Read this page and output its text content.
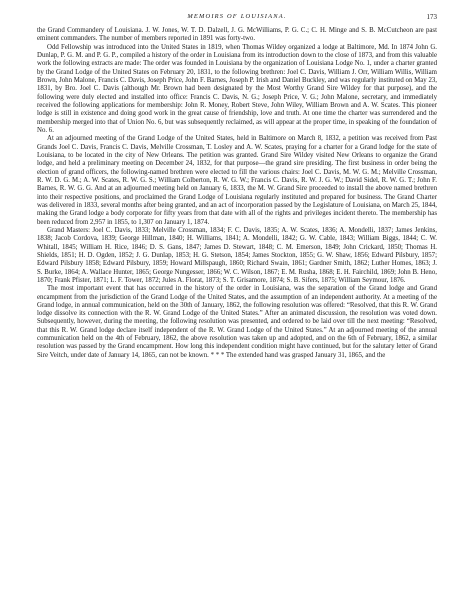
MEMOIRS OF LOUISIANA.	173

the Grand Commandery of Louisiana. J. W. Jones, W. T. D. Dalzell, J. G. McWilliams, P. G. C.; C. H. Minge and S. B. McCutcheon are past eminent commanders. The number of members reported in 1891 was forty-two.

Odd Fellowship was introduced into the United States in 1819, when Thomas Wildey organized a lodge at Baltimore, Md. In 1874 John G. Dunlap, P. G. M. and P. G. P., compiled a history of the order in Louisiana from its introduction down to the close of 1873, and from this valuable work the following extracts are made: The order was founded in Louisiana by the organization of Louisiana Lodge No. 1, under a charter granted by the Grand Lodge of the United States on February 20, 1831, to the following brethren: Joel C. Davis, William J. Orr, William Willis, William Brown, John Malone, Francis C. Davis, Joseph Price, John F. Barnes, Joseph P. Irish and Daniel Buckley, and was regularly instituted on May 23, 1831, by Bro. Joel C. Davis (although Mr. Brown had been designated by the Most Worthy Grand Sire Wildey for that purpose), and the following were duly elected and installed into office: Francis C. Davis, N. G.; Joseph Price, V. G.; John Malone, secretary, and immediately received the following applications for membership: John R. Money, Robert Steve, John Wiley, William Brown and A. W. Scates. This pioneer lodge is still in existence and doing good work in the great cause of friendship, love and truth. At one time the charter was surrendered and the membership merged into that of Union No. 6, but was subsequently reclaimed, as will appear at the proper time, in speaking of the foundation of No. 6.

At an adjourned meeting of the Grand Lodge of the United States, held in Baltimore on March 8, 1832, a petition was received from Past Grands Joel C. Davis, Francis C. Davis, Melville Crossman, T. Losley and A. W. Scates, praying for a charter for a Grand lodge for the state of Louisiana, to be located in the city of New Orleans. The petition was granted. Grand Sire Wildey visited New Orleans to organize the Grand lodge, and held a preliminary meeting on December 24, 1832, for that purpose—the grand sire presiding. The first business in order being the election of grand officers, the following-named brethren were elected to fill the various chairs: Joel C. Davis, M. W. G. M.; Melville Crossman, R. W. D. G. M.; A. W. Scates, R. W. G. S.; William Colberton, R. W. G. W.; Francis C. Davis, R. W. J. G. W.; David Sidel, R. W. G. T.; John F. Barnes, R. W. G. G. And at an adjourned meeting held on January 6, 1833, the M. W. Grand Sire proceeded to install the above named brethren into their respective positions, and proclaimed the Grand Lodge of Louisiana regularly instituted and prepared for business. The Grand Charter was delivered in 1833, several months after being granted, and an act of incorporation passed by the Legislature of Louisiana, on March 25, 1844, making the Grand lodge a body corporate for fifty years from that date with all of the rights and privileges incident thereto. The membership has been reduced from 2,957 in 1855, to 1,307 on January 1, 1874.

Grand Masters: Joel C. Davis, 1833; Melville Crossman, 1834; F. C. Davis, 1835; A. W. Scates, 1836; A. Mondelli, 1837; James Jenkins, 1838; Jacob Cordova, 1839; George Hillman, 1840; H. Williams, 1841; A. Mondelli, 1842; G. W. Cable, 1843; William Biggs, 1844; C. W. Whitall, 1845; William H. Rice, 1846; D. S. Gans, 1847; James D. Stewart, 1848; C. M. Emerson, 1849; John Crickard, 1850; Thomas H. Shields, 1851; H. D. Ogden, 1852; J. G. Dunlap, 1853; H. G. Stetson, 1854; James Stockton, 1855; G. W. Shaw, 1856; Edward Pilsbury, 1857; Edward Pilsbury 1858; Edward Pilsbury, 1859; Howard Millspaugh, 1860; Richard Swain, 1861; Gardner Smith, 1862; Luther Homes, 1863; J. S. Burke, 1864; A. Wallace Hunter, 1865; George Nungesser, 1866; W. C. Wilson, 1867; E. M. Rusha, 1868; E. H. Fairchild, 1869; John B. Heno, 1870; Frank Pfister, 1871; L. F. Tower, 1872; Jules A. Florat, 1873; S. T. Grisamore, 1874; S. B. Sifers, 1875; William Seymour, 1876.

The most important event that has occurred in the history of the order in Louisiana, was the separation of the Grand lodge and Grand encampment from the jurisdiction of the Grand Lodge of the United States, and the assumption of an independent authority. At a meeting of the Grand lodge, in annual communication, held on the 30th of January, 1862, the following resolution was offered: “Resolved, that this R. W. Grand lodge dissolve its connection with the R. W. Grand Lodge of the United States.” After an animated discussion, the resolution was voted down. Subsequently, however, during the meeting, the following resolution was presented, and ordered to be laid over till the next meeting: “Resolved, that this R. W. Grand lodge declare itself independent of the R. W. Grand Lodge of the United States.” At an adjourned meeting of the annual communication held on the 4th of February, 1862, the above resolution was taken up and adopted, and on the 6th of February, 1862, a similar resolution was passed by the Grand encampment. How long this independent condition might have continued, but for the salutary letter of Grand Sire Veitch, under date of January 14, 1865, can not be known. * * * The extended hand was grasped January 31, 1865, and the
